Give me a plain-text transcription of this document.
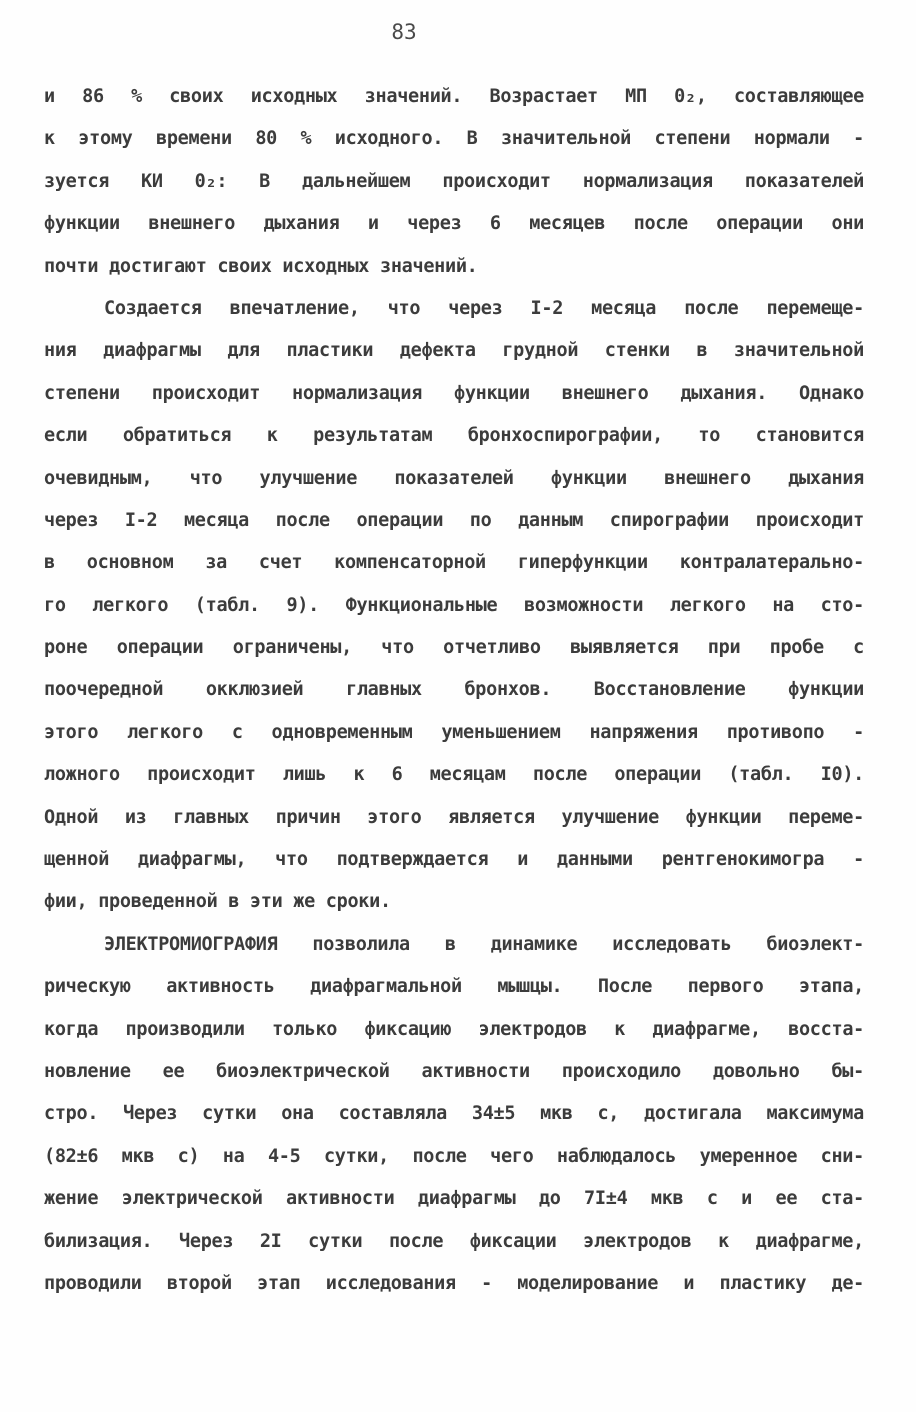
83
и 86 % своих исходных значений. Возрастает МП 0₂, составляющее
к этому времени 80 % исходного. В значительной степени нормали -
зуется КИ 0₂: В дальнейшем происходит нормализация показателей
функции внешнего дыхания и через 6 месяцев после операции они
почти достигают своих исходных значений.
Создается впечатление, что через I-2 месяца после перемеще-
ния диафрагмы для пластики дефекта грудной стенки в значительной
степени происходит нормализация функции внешнего дыхания. Однако
если обратиться к результатам бронхоспирографии, то становится
очевидным, что улучшение показателей функции внешнего дыхания
через I-2 месяца после операции по данным спирографии происходит
в основном за счет компенсаторной гиперфункции контралатерально-
го легкого (табл. 9). Функциональные возможности легкого на сто-
роне операции ограничены, что отчетливо выявляется при пробе с
поочередной окклюзией главных бронхов. Восстановление функции
этого легкого с одновременным уменьшением напряжения противопо -
ложного происходит лишь к 6 месяцам после операции (табл. I0).
Одной из главных причин этого является улучшение функции переме-
щенной диафрагмы, что подтверждается и данными рентгенокимогра -
фии, проведенной в эти же сроки.
ЭЛЕКТРОМИОГРАФИЯ позволила в динамике исследовать биоэлект-
рическую активность диафрагмальной мышцы. После первого этапа,
когда производили только фиксацию электродов к диафрагме, восста-
новление ее биоэлектрической активности происходило довольно бы-
стро. Через сутки она составляла 34±5 мкв с, достигала максимума
(82±6 мкв с) на 4-5 сутки, после чего наблюдалось умеренное сни-
жение электрической активности диафрагмы до 7I±4 мкв с и ее ста-
билизация. Через 2I сутки после фиксации электродов к диафрагме,
проводили второй этап исследования - моделирование и пластику де-
